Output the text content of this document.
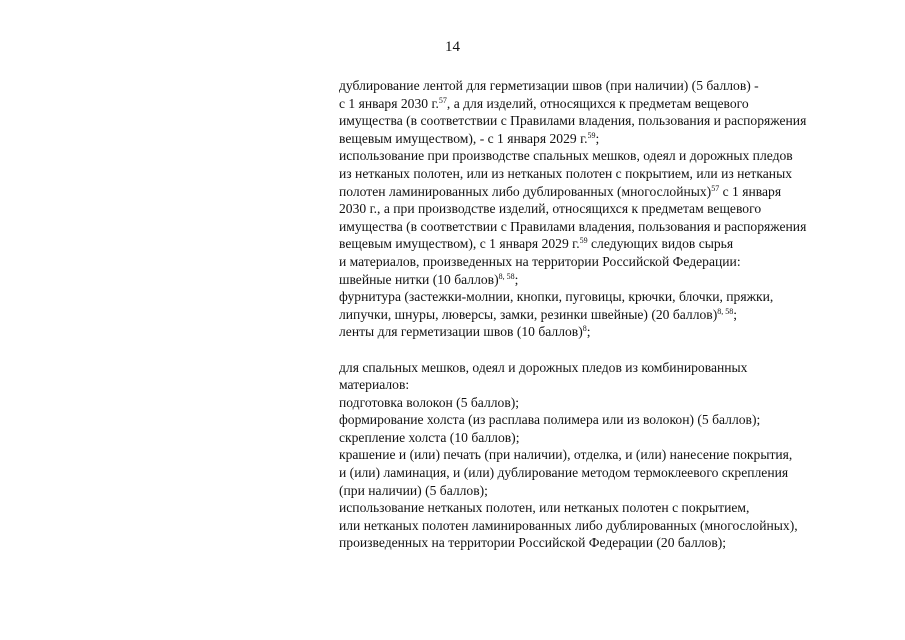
14
дублирование лентой для герметизации швов (при наличии) (5 баллов) -
с 1 января 2030 г.$^{57}$, а для изделий, относящихся к предметам вещевого
имущества (в соответствии с Правилами владения, пользования и распоряжения
вещевым имуществом), - с 1 января 2029 г.$^{59}$;
использование при производстве спальных мешков, одеял и дорожных пледов
из нетканых полотен, или из нетканых полотен с покрытием, или из нетканых
полотен ламинированных либо дублированных (многослойных)$^{57}$ с 1 января
2030 г., а при производстве изделий, относящихся к предметам вещевого
имущества (в соответствии с Правилами владения, пользования и распоряжения
вещевым имуществом), с 1 января 2029 г.$^{59}$ следующих видов сырья
и материалов, произведенных на территории Российской Федерации:
швейные нитки (10 баллов)$^{8, 58}$;
фурнитура (застежки-молнии, кнопки, пуговицы, крючки, блочки, пряжки,
липучки, шнуры, люверсы, замки, резинки швейные) (20 баллов)$^{8, 58}$;
ленты для герметизации швов (10 баллов)$^8$;
для спальных мешков, одеял и дорожных пледов из комбинированных
материалов:
подготовка волокон (5 баллов);
формирование холста (из расплава полимера или из волокон) (5 баллов);
скрепление холста (10 баллов);
крашение и (или) печать (при наличии), отделка, и (или) нанесение покрытия,
и (или) ламинация, и (или) дублирование методом термоклеевого скрепления
(при наличии) (5 баллов);
использование нетканых полотен, или нетканых полотен с покрытием,
или нетканых полотен ламинированных либо дублированных (многослойных),
произведенных на территории Российской Федерации (20 баллов);
